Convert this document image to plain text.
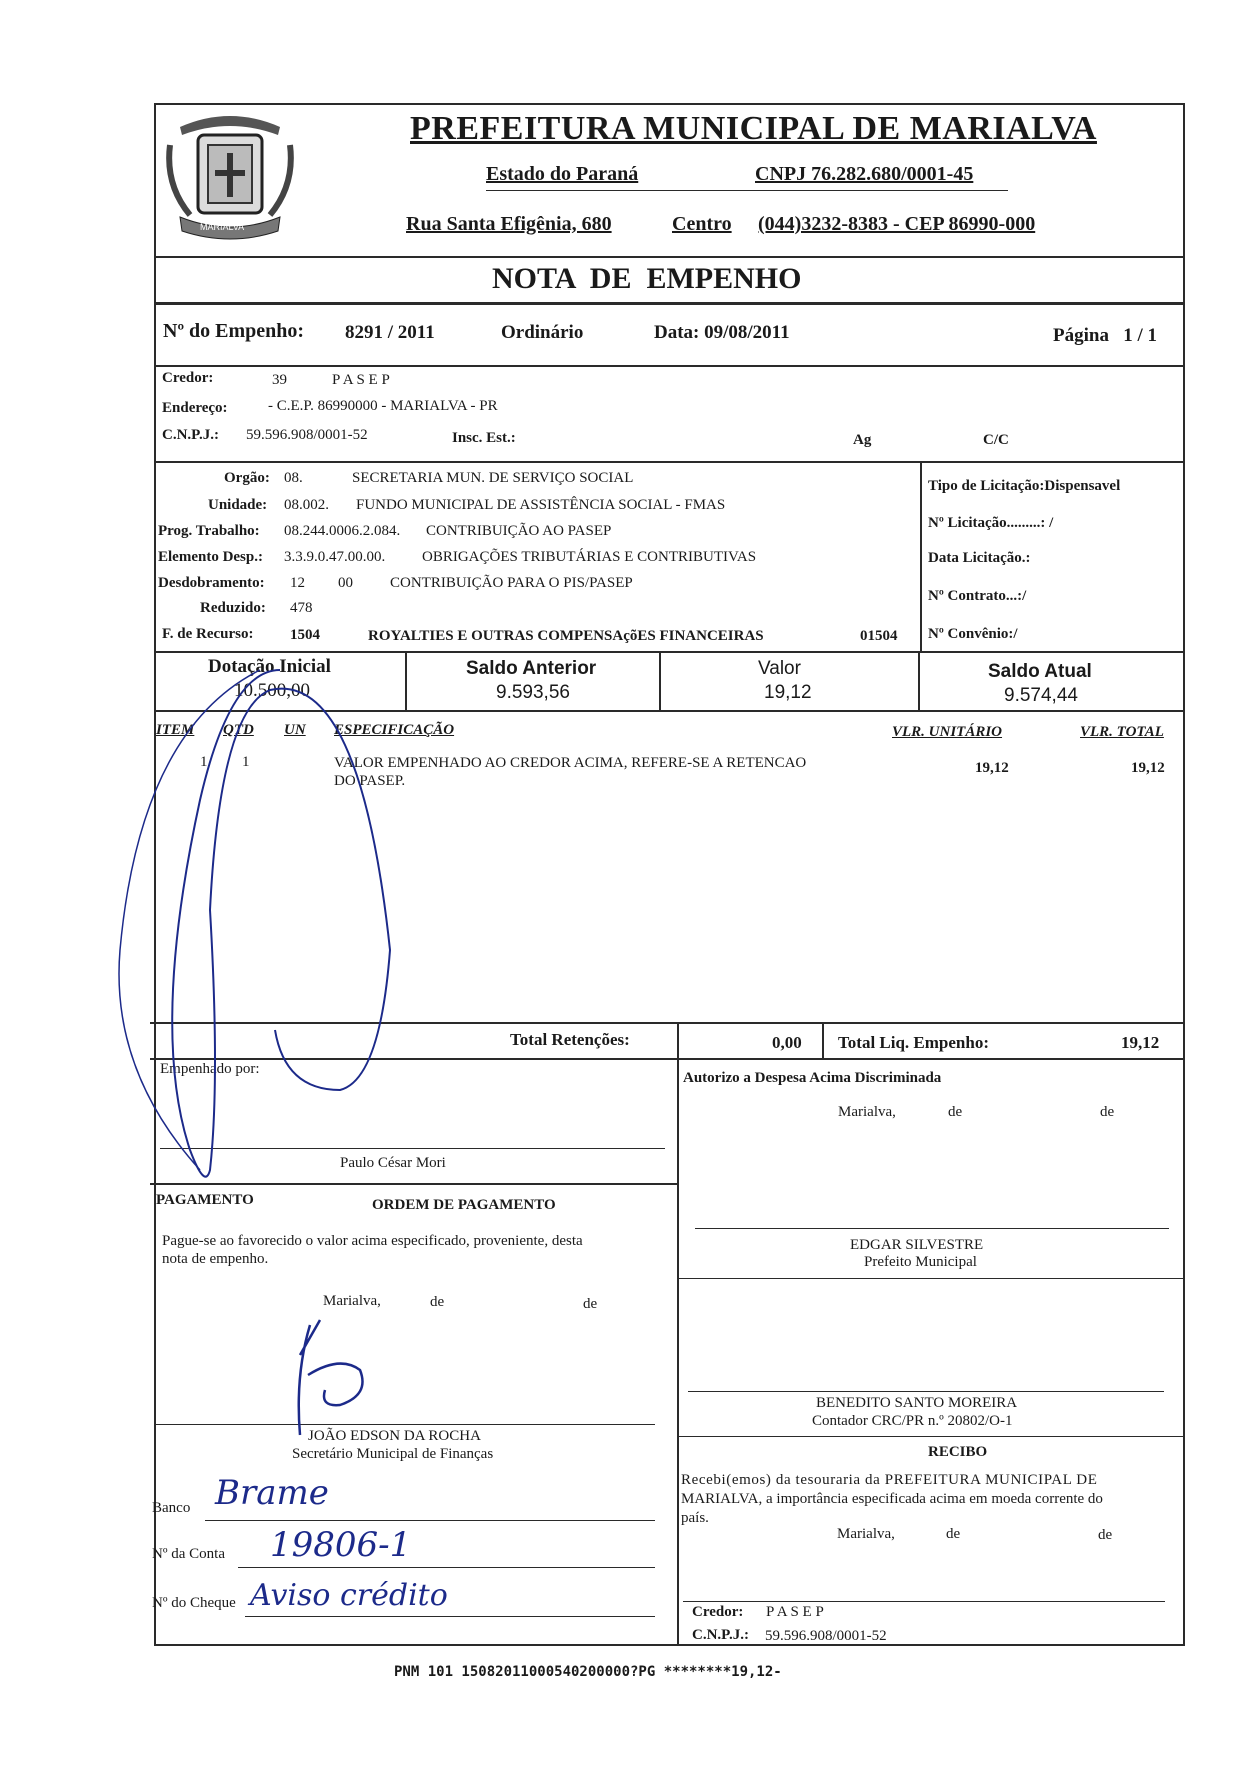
MARIALVA
PREFEITURA MUNICIPAL DE MARIALVA
Estado do Paraná	CNPJ 76.282.680/0001-45
Rua Santa Efigênia, 680	Centro (044)3232-8383 - CEP 86990-000
NOTA  DE  EMPENHO
Nº do Empenho: 8291 / 2011	Ordinário	Data: 09/08/2011	Página   1 / 1
Credor:	39	P A S E P
Endereço:	- C.E.P. 86990000 - MARIALVA - PR
C.N.P.J.: 59.596.908/0001-52	Insc. Est.:	Ag	C/C
Orgão: 08.	SECRETARIA MUN. DE SERVIÇO SOCIAL
Unidade: 08.002. FUNDO MUNICIPAL DE ASSISTÊNCIA SOCIAL - FMAS
Prog. Trabalho: 08.244.0006.2.084. CONTRIBUIÇÃO AO PASEP
Elemento Desp.: 3.3.9.0.47.00.00. OBRIGAÇÕES TRIBUTÁRIAS E CONTRIBUTIVAS
Desdobramento: 12 00 CONTRIBUIÇÃO PARA O PIS/PASEP
Reduzido: 478
F. de Recurso: 1504	ROYALTIES E OUTRAS COMPENSAçõES FINANCEIRAS	01504
Tipo de Licitação:Dispensavel
Nº Licitação.........: /
Data Licitação.:
Nº Contrato...:/
Nº Convênio:/
Dotação Inicial
10.500,00
Saldo Anterior
9.593,56
Valor
19,12
Saldo Atual
9.574,44
ITEM QTD UN ESPECIFICAÇÃO	VLR. UNITÁRIO	VLR. TOTAL
1 1	VALOR EMPENHADO AO CREDOR ACIMA, REFERE-SE A RETENCAO
DO PASEP.
19,12	19,12
Total Retenções:	0,00 Total Liq. Empenho:	19,12
Empenhado por:
Paulo César Mori
Autorizo a Despesa Acima Discriminada
Marialva,	de	de
EDGAR SILVESTRE
Prefeito Municipal
PAGAMENTO	ORDEM DE PAGAMENTO
Pague-se ao favorecido o valor acima especificado, proveniente, desta
nota de empenho.
Marialva,	de	de
JOÃO EDSON DA ROCHA
Secretário Municipal de Finanças
BENEDITO SANTO MOREIRA
Contador CRC/PR n.º 20802/O-1
RECIBO
Recebi(emos) da tesouraria da PREFEITURA MUNICIPAL DE
MARIALVA, a importância especificada acima em moeda corrente do
país.
Marialva,	de	de
Credor: P A S E P
C.N.P.J.: 59.596.908/0001-52
Banco Brame
Nº da Conta 19806-1
Nº do Cheque Aviso crédito
PNM 101 15082011000540200000?PG ********19,12-
